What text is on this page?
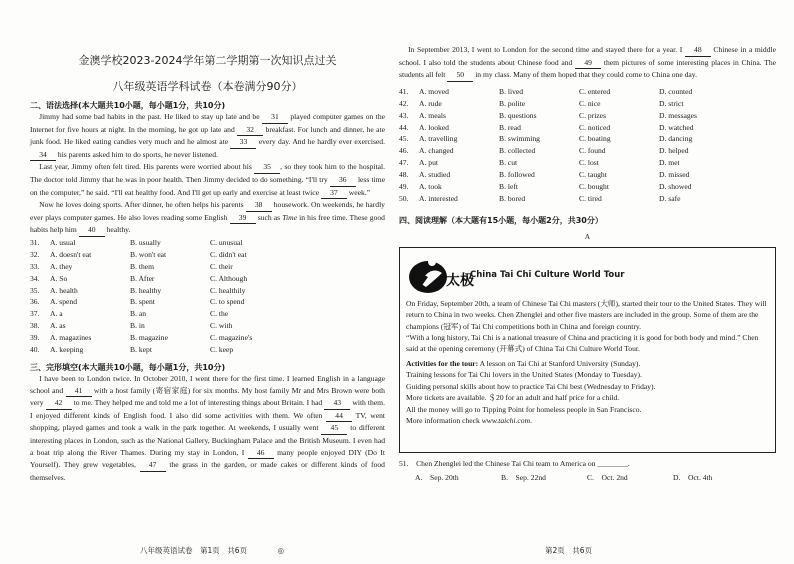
金澳学校2023-2024学年第二学期第一次知识点过关
八年级英语学科试卷（本卷满分90分）
二、语法选择(本大题共10小题，每小题1分，共10分)

Jimmy had some bad habits in the past. He liked to stay up late and be 31 played computer games on the Internet for five hours at night. In the morning, he got up late and 32 breakfast. For lunch and dinner, he ate junk food. He liked eating candies very much and he almost ate 33 every day. And he hardly ever exercised. 34 his parents asked him to do sports, he never listened.

Last year, Jimmy often felt tired. His parents were worried about his 35 , so they took him to the hospital. The doctor told Jimmy that he was in poor health. Then Jimmy decided to do something. “I'll try 36 less time on the computer,” he said. “I'll eat healthy food. And I'll get up early and exercise at least twice 37 week.”

Now he loves doing sports. After dinner, he often helps his parents 38 housework. On weekends, he hardly ever plays computer games. He also loves reading some English 39 such as Time in his free time. These good habits help him 40 healthy.

31.	A. usual	B. usually	C. unusual
32.	A. doesn't eat	B. won't eat	C. didn't eat
33.	A. they	B. them	C. their
34.	A. So	B. After	C. Although
35.	A. health	B. healthy	C. healthily
36.	A. spend	B. spent	C. to spend
37.	A. a	B. an	C. the
38.	A. as	B. in	C. with
39.	A. magazines	B. magazine	C. magazine's
40.	A. keeping	B. kept	C. keep
三、完形填空(本大题共10小题，每小题1分，共10分)

I have been to London twice. In October 2010, I went there for the first time. I learned English in a language school and 41 with a host family (寄宿家庭) for six months. My host family Mr and Mrs Brown were both very 42 to me. They helped me and told me a lot of interesting things about Britain. I had 43 with them. I enjoyed different kinds of English food. I also did some activities with them. We often 44 TV, went shopping, played games and took a walk in the park together. At weekends, I usually went 45 to different interesting places in London, such as the National Gallery, Buckingham Palace and the British Museum. I even had a boat trip along the River Thames. During my stay in London, I 46 many people enjoyed DIY (Do It Yourself). They grew vegetables, 47 the grass in the garden, or made cakes or different kinds of food themselves.

八年级英语试卷　第1页　共6页	◎

In September 2013, I went to London for the second time and stayed there for a year. I 48 Chinese in a middle school. I also told the students about Chinese food and 49 them pictures of some interesting places in China. The students all felt 50 in my class. Many of them hoped that they could come to China one day.

41.	A. moved	B. lived	C. entered	D. counted
42.	A. rude	B. polite	C. nice	D. strict
43.	A. meals	B. questions	C. prizes	D. messages
44.	A. looked	B. read	C. noticed	D. watched
45.	A. travelling	B. swimming	C. boating	D. dancing
46.	A. changed	B. collected	C. found	D. helped
47.	A. put	B. cut	C. lost	D. met
48.	A. studied	B. followed	C. taught	D. missed
49.	A. took	B. left	C. bought	D. showed
50.	A. interested	B. bored	C. tired	D. safe
四、阅读理解（本大题有15小题，每小题2分，共30分）
A
太极
China Tai Chi Culture World Tour

On Friday, September 20th, a team of Chinese Tai Chi masters (大师), started their tour to the United States. They will return to China in two weeks. Chen Zhenglei and other five masters are included in the group. Some of them are the champions (冠军) of Tai Chi competitions both in China and foreign country.

“With a long history, Tai Chi is a national treasure of China and practicing it is good for both body and mind.” Chen said at the opening ceremony (开幕式) of China Tai Chi Culture World Tour.

Activities for the tour: A lesson on Tai Chi at Stanford University (Sunday).

Training lessons for Tai Chi lovers in the United States (Monday to Tuesday).

Guiding personal skills about how to practice Tai Chi best (Wednesday to Friday).

More tickets are available. ＄20 for an adult and half price for a child.

All the money will go to Tipping Point for homeless people in San Francisco.

More information check www.taichi.com.

51.　Chen Zhenglei led the Chinese Tai Chi team to America on ________.
A.　Sep. 20th	B.　Sep. 22nd	C.　Oct. 2nd	D.　Oct. 4th
第2页　共6页
